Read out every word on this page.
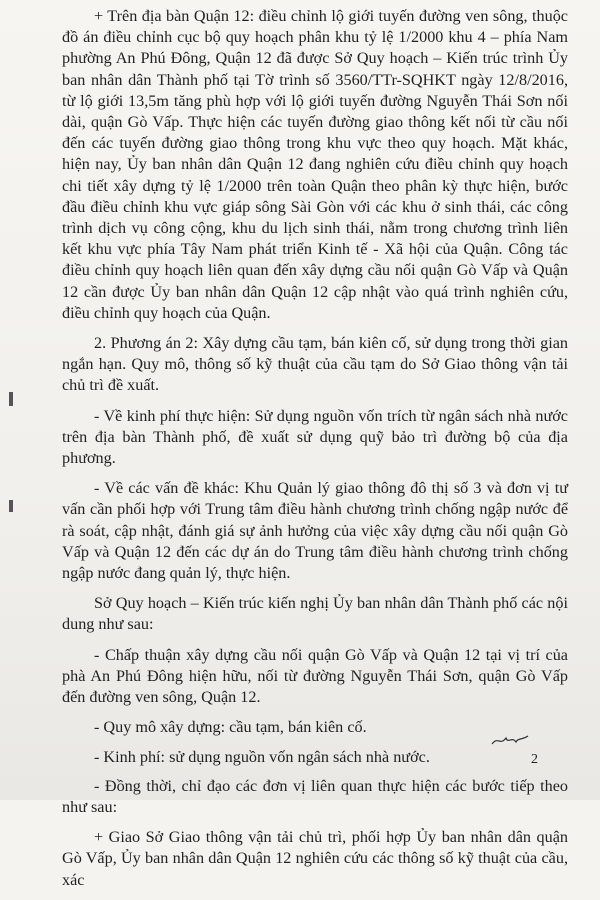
+ Trên địa bàn Quận 12: điều chỉnh lộ giới tuyến đường ven sông, thuộc đồ án điều chỉnh cục bộ quy hoạch phân khu tỷ lệ 1/2000 khu 4 – phía Nam phường An Phú Đông, Quận 12 đã được Sở Quy hoạch – Kiến trúc trình Ủy ban nhân dân Thành phố tại Tờ trình số 3560/TTr-SQHKT ngày 12/8/2016, từ lộ giới 13,5m tăng phù hợp với lộ giới tuyến đường Nguyễn Thái Sơn nối dài, quận Gò Vấp. Thực hiện các tuyến đường giao thông kết nối từ cầu nối đến các tuyến đường giao thông trong khu vực theo quy hoạch. Mặt khác, hiện nay, Ủy ban nhân dân Quận 12 đang nghiên cứu điều chỉnh quy hoạch chi tiết xây dựng tỷ lệ 1/2000 trên toàn Quận theo phân kỳ thực hiện, bước đầu điều chỉnh khu vực giáp sông Sài Gòn với các khu ở sinh thái, các công trình dịch vụ công cộng, khu du lịch sinh thái, nằm trong chương trình liên kết khu vực phía Tây Nam phát triển Kinh tế - Xã hội của Quận. Công tác điều chỉnh quy hoạch liên quan đến xây dựng cầu nối quận Gò Vấp và Quận 12 cần được Ủy ban nhân dân Quận 12 cập nhật vào quá trình nghiên cứu, điều chỉnh quy hoạch của Quận.

2. Phương án 2: Xây dựng cầu tạm, bán kiên cố, sử dụng trong thời gian ngắn hạn. Quy mô, thông số kỹ thuật của cầu tạm do Sở Giao thông vận tải chủ trì đề xuất.

- Về kinh phí thực hiện: Sử dụng nguồn vốn trích từ ngân sách nhà nước trên địa bàn Thành phố, đề xuất sử dụng quỹ bảo trì đường bộ của địa phương.

- Về các vấn đề khác: Khu Quản lý giao thông đô thị số 3 và đơn vị tư vấn cần phối hợp với Trung tâm điều hành chương trình chống ngập nước để rà soát, cập nhật, đánh giá sự ảnh hưởng của việc xây dựng cầu nối quận Gò Vấp và Quận 12 đến các dự án do Trung tâm điều hành chương trình chống ngập nước đang quản lý, thực hiện.

Sở Quy hoạch – Kiến trúc kiến nghị Ủy ban nhân dân Thành phố các nội dung như sau:

- Chấp thuận xây dựng cầu nối quận Gò Vấp và Quận 12 tại vị trí của phà An Phú Đông hiện hữu, nối từ đường Nguyễn Thái Sơn, quận Gò Vấp đến đường ven sông, Quận 12.

- Quy mô xây dựng: cầu tạm, bán kiên cố.

- Kinh phí: sử dụng nguồn vốn ngân sách nhà nước.

- Đồng thời, chỉ đạo các đơn vị liên quan thực hiện các bước tiếp theo như sau:

+ Giao Sở Giao thông vận tải chủ trì, phối hợp Ủy ban nhân dân quận Gò Vấp, Ủy ban nhân dân Quận 12 nghiên cứu các thông số kỹ thuật của cầu, xác

2
